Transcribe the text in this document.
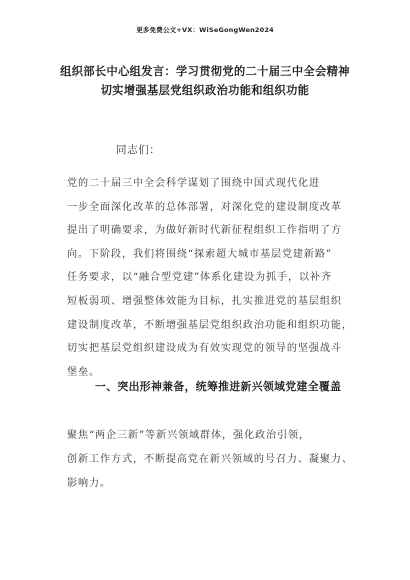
更多免费公文+VX：WiSeGongWen2024
组织部长中心组发言：学习贯彻党的二十届三中全会精神
切实增强基层党组织政治功能和组织功能
同志们：
党的二十届三中全会科学谋划了围绕中国式现代化进
一步全面深化改革的总体部署，对深化党的建设制度改革
提出了明确要求，为做好新时代新征程组织工作指明了方
向。下阶段，我们将围绕“探索超大城市基层党建新路”
任务要求，以“融合型党建”体系化建设为抓手，以补齐
短板弱项、增强整体效能为目标，扎实推进党的基层组织
建设制度改革，不断增强基层党组织政治功能和组织功能，
切实把基层党组织建设成为有效实现党的领导的坚强战斗
一、突出形神兼备，统筹推进新兴领域党建全覆盖
聚焦“两企三新”等新兴领域群体，强化政治引领，
创新工作方式，不断提高党在新兴领域的号召力、凝聚力、
影响力。
堡垒。
